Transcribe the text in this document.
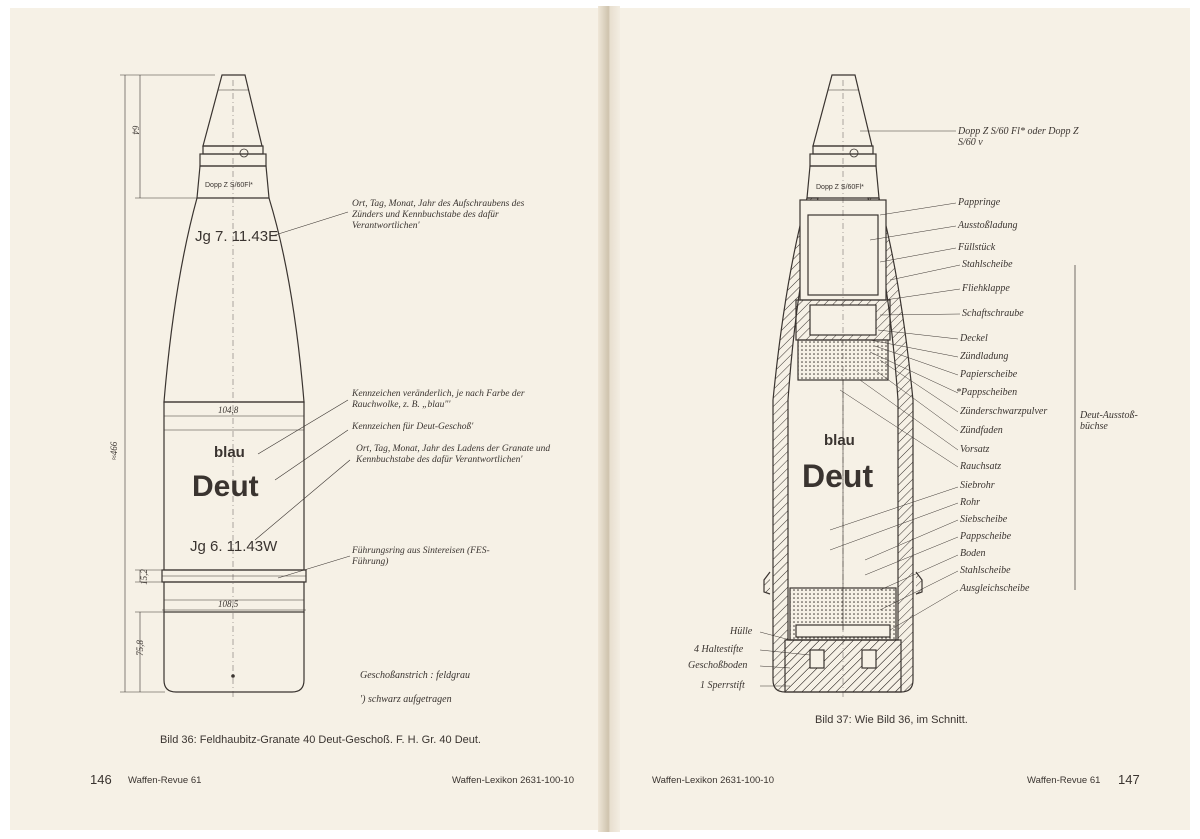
Dopp Z S/60Fl*
Jg 7. 11.43E
blau
Deut
Jg 6. 11.43W
64
104,8
≈466
15,2
108,5
75,8
Ort, Tag, Monat, Jahr des Aufschraubens des Zünders und Kennbuchstabe des dafür Verantwortlichen'
Kennzeichen veränderlich, je nach Farbe der Rauchwolke, z. B. „blau"'
Kennzeichen für Deut-Geschoß'
Ort, Tag, Monat, Jahr des Ladens der Granate und Kennbuchstabe des dafür Verantwortlichen'
Führungsring aus Sintereisen (FES-Führung)
Geschoßanstrich : feldgrau
') schwarz aufgetragen
Bild 36: Feldhaubitz-Granate 40 Deut-Geschoß. F. H. Gr. 40 Deut.
146 Waffen-Revue 61	Waffen-Lexikon 2631-100-10
Dopp Z S/60Fl*
blau
Deut
Dopp Z S/60 Fl* oder Dopp Z S/60 v
Pappringe
Ausstoßladung
Füllstück
Stahlscheibe
Fliehklappe
Schaftschraube
Deckel
Zündladung
Papierscheibe
*Pappscheiben
Zünderschwarzpulver
Zündfaden
Vorsatz
Rauchsatz
Siebrohr
Rohr
Siebscheibe
Pappscheibe
Boden
Stahlscheibe
Ausgleichscheibe
Deut-Ausstoß-büchse
Hülle
4 Haltestifte
Geschoßboden
1 Sperrstift
Bild 37: Wie Bild 36, im Schnitt.
Waffen-Lexikon 2631-100-10	Waffen-Revue 61 147
